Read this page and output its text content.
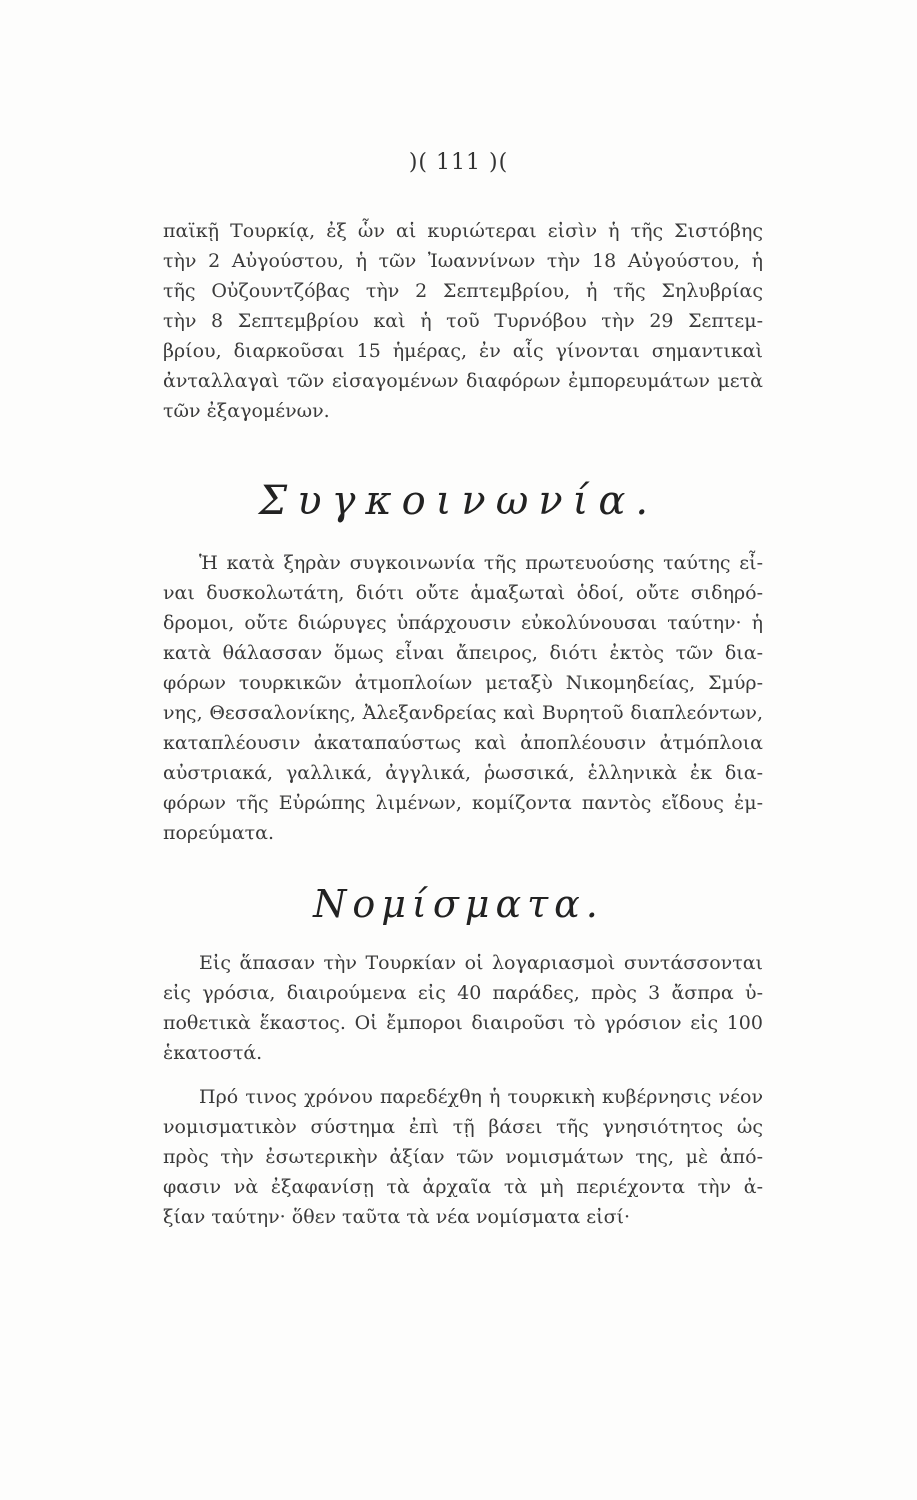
)( 111 )(
παϊκῇ Τουρκίᾳ, ἐξ ὧν αἱ κυριώτεραι εἰσὶν ἡ τῆς Σιστόβης
τὴν 2 Αὐγούστου, ἡ τῶν Ἰωαννίνων τὴν 18 Αὐγούστου, ἡ
τῆς Οὐζουντζόβας τὴν 2 Σεπτεμβρίου, ἡ τῆς Σηλυβρίας
τὴν 8 Σεπτεμβρίου καὶ ἡ τοῦ Τυρνόβου τὴν 29 Σεπτεμ-
βρίου, διαρκοῦσαι 15 ἡμέρας, ἐν αἷς γίνονται σημαντικαὶ
ἀνταλλαγαὶ τῶν εἰσαγομένων διαφόρων ἐμπορευμάτων μετὰ
τῶν ἐξαγομένων.
Συγκοινωνία.
Ἡ κατὰ ξηρὰν συγκοινωνία τῆς πρωτευούσης ταύτης εἶ-
ναι δυσκολωτάτη, διότι οὔτε ἁμαξωταὶ ὁδοί, οὔτε σιδηρό-
δρομοι, οὔτε διώρυγες ὑπάρχουσιν εὐκολύνουσαι ταύτην· ἡ
κατὰ θάλασσαν ὅμως εἶναι ἄπειρος, διότι ἐκτὸς τῶν δια-
φόρων τουρκικῶν ἀτμοπλοίων μεταξὺ Νικομηδείας, Σμύρ-
νης, Θεσσαλονίκης, Ἀλεξανδρείας καὶ Βυρητοῦ διαπλεόντων,
καταπλέουσιν ἀκαταπαύστως καὶ ἀποπλέουσιν ἀτμόπλοια
αὐστριακά, γαλλικά, ἀγγλικά, ῥωσσικά, ἑλληνικὰ ἐκ δια-
φόρων τῆς Εὐρώπης λιμένων, κομίζοντα παντὸς εἴδους ἐμ-
πορεύματα.
Νομίσματα.
Εἰς ἅπασαν τὴν Τουρκίαν οἱ λογαριασμοὶ συντάσσονται
εἰς γρόσια, διαιρούμενα εἰς 40 παράδες, πρὸς 3 ἄσπρα ὑ-
ποθετικὰ ἕκαστος. Οἱ ἔμποροι διαιροῦσι τὸ γρόσιον εἰς 100
ἑκατοστά.
Πρό τινος χρόνου παρεδέχθη ἡ τουρκικὴ κυβέρνησις νέον
νομισματικὸν σύστημα ἐπὶ τῇ βάσει τῆς γνησιότητος ὡς
πρὸς τὴν ἐσωτερικὴν ἀξίαν τῶν νομισμάτων της, μὲ ἀπό-
φασιν νὰ ἐξαφανίσῃ τὰ ἀρχαῖα τὰ μὴ περιέχοντα τὴν ἀ-
ξίαν ταύτην· ὅθεν ταῦτα τὰ νέα νομίσματα εἰσί·
